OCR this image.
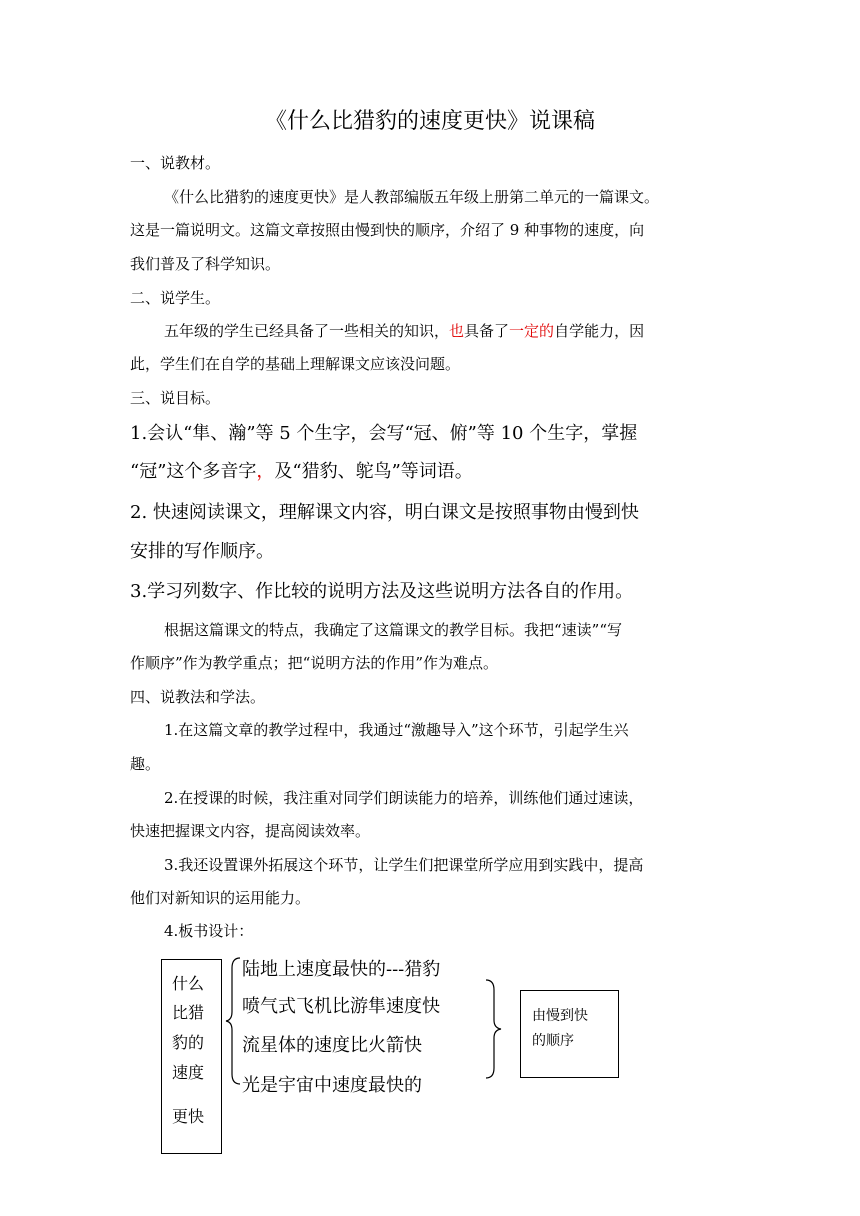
《什么比猎豹的速度更快》说课稿
一、说教材。
《什么比猎豹的速度更快》是人教部编版五年级上册第二单元的一篇课文。
这是一篇说明文。这篇文章按照由慢到快的顺序，介绍了 9 种事物的速度，向
我们普及了科学知识。
二、说学生。
五年级的学生已经具备了一些相关的知识，也具备了一定的自学能力，因
此，学生们在自学的基础上理解课文应该没问题。
三、说目标。
1.会认“隼、瀚”等 5 个生字，会写“冠、俯”等 10 个生字，掌握
“冠”这个多音字，及“猎豹、鸵鸟”等词语。
2. 快速阅读课文，理解课文内容，明白课文是按照事物由慢到快
安排的写作顺序。
3.学习列数字、作比较的说明方法及这些说明方法各自的作用。
根据这篇课文的特点，我确定了这篇课文的教学目标。我把“速读”“写
作顺序”作为教学重点；把“说明方法的作用”作为难点。
四、说教法和学法。
1.在这篇文章的教学过程中，我通过“激趣导入”这个环节，引起学生兴
趣。
2.在授课的时候，我注重对同学们朗读能力的培养，训练他们通过速读，
快速把握课文内容，提高阅读效率。
3.我还设置课外拓展这个环节，让学生们把课堂所学应用到实践中，提高
他们对新知识的运用能力。
4.板书设计：
什么
比猎
豹的
速度
更快
陆地上速度最快的---猎豹
喷气式飞机比游隼速度快
流星体的速度比火箭快
光是宇宙中速度最快的
由慢到快
的顺序
